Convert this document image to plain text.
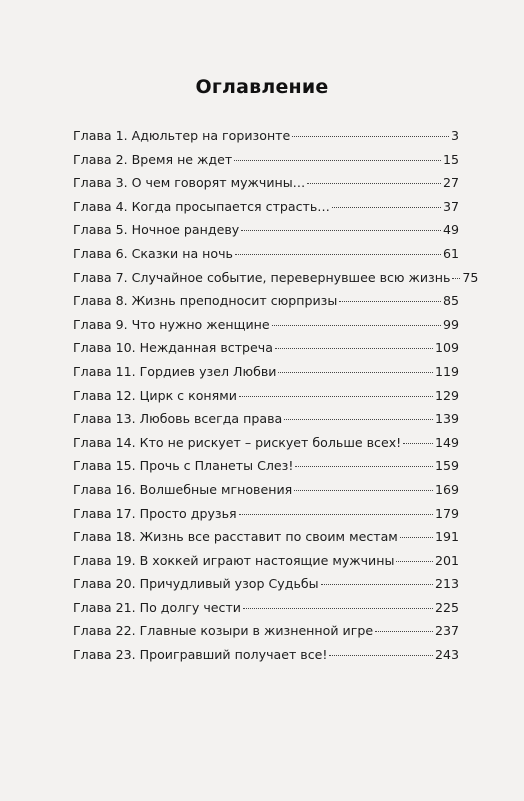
Оглавление
Глава 1. Адюльтер на горизонте	3
Глава 2. Время не ждет	15
Глава 3. О чем говорят мужчины…	27
Глава 4. Когда просыпается страсть…	37
Глава 5. Ночное рандеву	49
Глава 6. Сказки на ночь	61
Глава 7. Случайное событие, перевернувшее всю жизнь 75
Глава 8. Жизнь преподносит сюрпризы	85
Глава 9. Что нужно женщине	99
Глава 10. Нежданная встреча	109
Глава 11. Гордиев узел Любви	119
Глава 12. Цирк с конями	129
Глава 13. Любовь всегда права	139
Глава 14. Кто не рискует – рискует больше всех!	149
Глава 15. Прочь с Планеты Слез!	159
Глава 16. Волшебные мгновения	169
Глава 17. Просто друзья	179
Глава 18. Жизнь все расставит по своим местам	191
Глава 19. В хоккей играют настоящие мужчины	201
Глава 20. Причудливый узор Судьбы	213
Глава 21. По долгу чести	225
Глава 22. Главные козыри в жизненной игре	237
Глава 23. Проигравший получает все!	243
